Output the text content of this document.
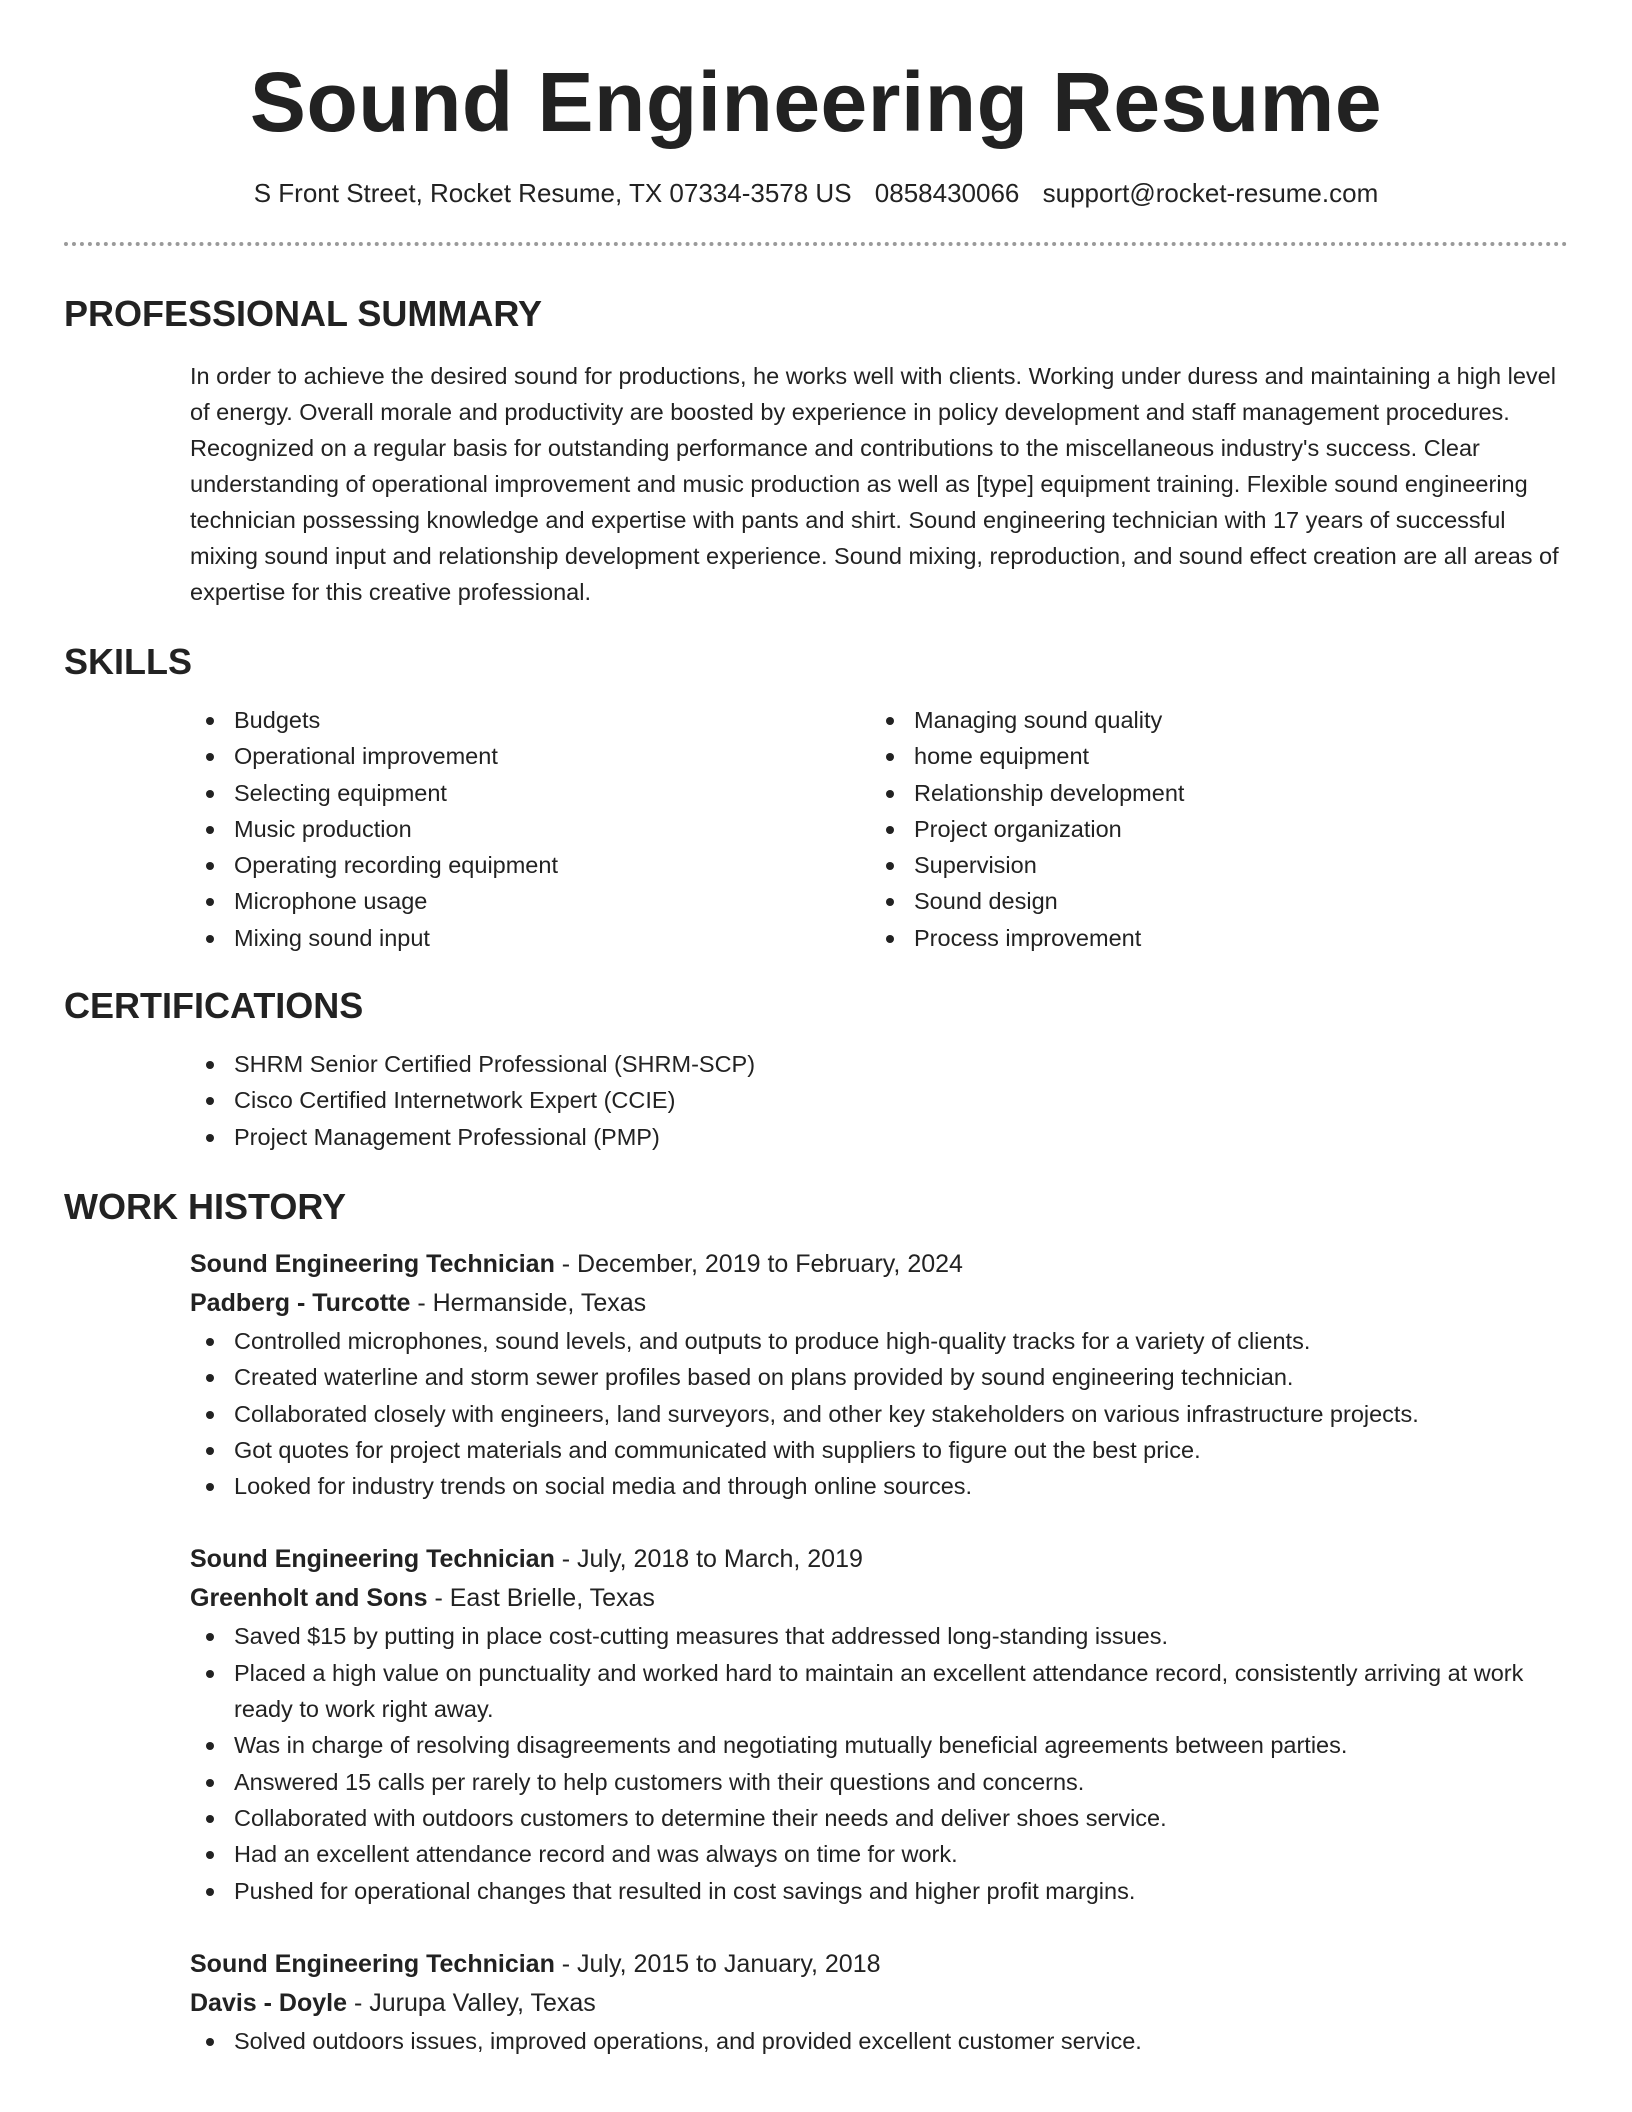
Sound Engineering Resume
S Front Street, Rocket Resume, TX 07334-3578 US 0858430066 support@rocket-resume.com
PROFESSIONAL SUMMARY

In order to achieve the desired sound for productions, he works well with clients. Working under duress and maintaining a high level of energy. Overall morale and productivity are boosted by experience in policy development and staff management procedures. Recognized on a regular basis for outstanding performance and contributions to the miscellaneous industry's success. Clear understanding of operational improvement and music production as well as [type] equipment training. Flexible sound engineering technician possessing knowledge and expertise with pants and shirt. Sound engineering technician with 17 years of successful mixing sound input and relationship development experience. Sound mixing, reproduction, and sound effect creation are all areas of expertise for this creative professional.

SKILLS
Budgets
Operational improvement
Selecting equipment
Music production
Operating recording equipment
Microphone usage
Mixing sound input
Managing sound quality
home equipment
Relationship development
Project organization
Supervision
Sound design
Process improvement
CERTIFICATIONS
SHRM Senior Certified Professional (SHRM-SCP)
Cisco Certified Internetwork Expert (CCIE)
Project Management Professional (PMP)
WORK HISTORY
Sound Engineering Technician - December, 2019 to February, 2024
Padberg - Turcotte - Hermanside, Texas
Controlled microphones, sound levels, and outputs to produce high-quality tracks for a variety of clients.
Created waterline and storm sewer profiles based on plans provided by sound engineering technician.
Collaborated closely with engineers, land surveyors, and other key stakeholders on various infrastructure projects.
Got quotes for project materials and communicated with suppliers to figure out the best price.
Looked for industry trends on social media and through online sources.
Sound Engineering Technician - July, 2018 to March, 2019
Greenholt and Sons - East Brielle, Texas
Saved $15 by putting in place cost-cutting measures that addressed long-standing issues.
Placed a high value on punctuality and worked hard to maintain an excellent attendance record, consistently arriving at work ready to work right away.
Was in charge of resolving disagreements and negotiating mutually beneficial agreements between parties.
Answered 15 calls per rarely to help customers with their questions and concerns.
Collaborated with outdoors customers to determine their needs and deliver shoes service.
Had an excellent attendance record and was always on time for work.
Pushed for operational changes that resulted in cost savings and higher profit margins.
Sound Engineering Technician - July, 2015 to January, 2018
Davis - Doyle - Jurupa Valley, Texas
Solved outdoors issues, improved operations, and provided excellent customer service.
